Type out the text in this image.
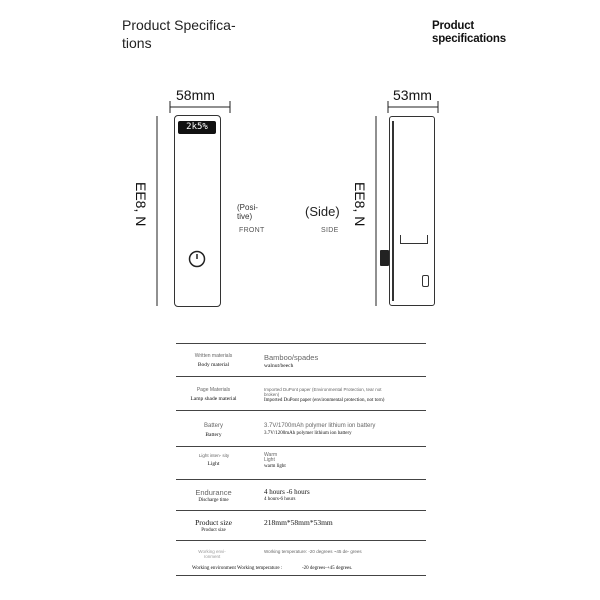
Product Specifica-
tions
Product
specifications
58mm
EE8, N
2k5%
(Posi-
tive)
FRONT
(Side)
SIDE
53mm
EE8, N
Written materials
Body material
Bamboo/spades
walnut/beech
Page Materials
Lamp shade material
Imported DuPont paper (Environmental Protection, tear not broken)
Imported DuPont paper (environmental protection, not torn)
Battery
Battery
3.7V/1700mAh polymer lithium ion battery
3.7V/1200mAh polymer lithium ion battery
Light inten- sity
Light
Warm Light
warm light
Endurance
Discharge time
4 hours -6 hours
4 hours-6 hours
Product size
Product size
218mm*58mm*53mm
Working envi- ronment
Working temperature: -20 degrees ~45 de- grees
Working environment Working temperature :	-20 degrees-+45 degrees.
